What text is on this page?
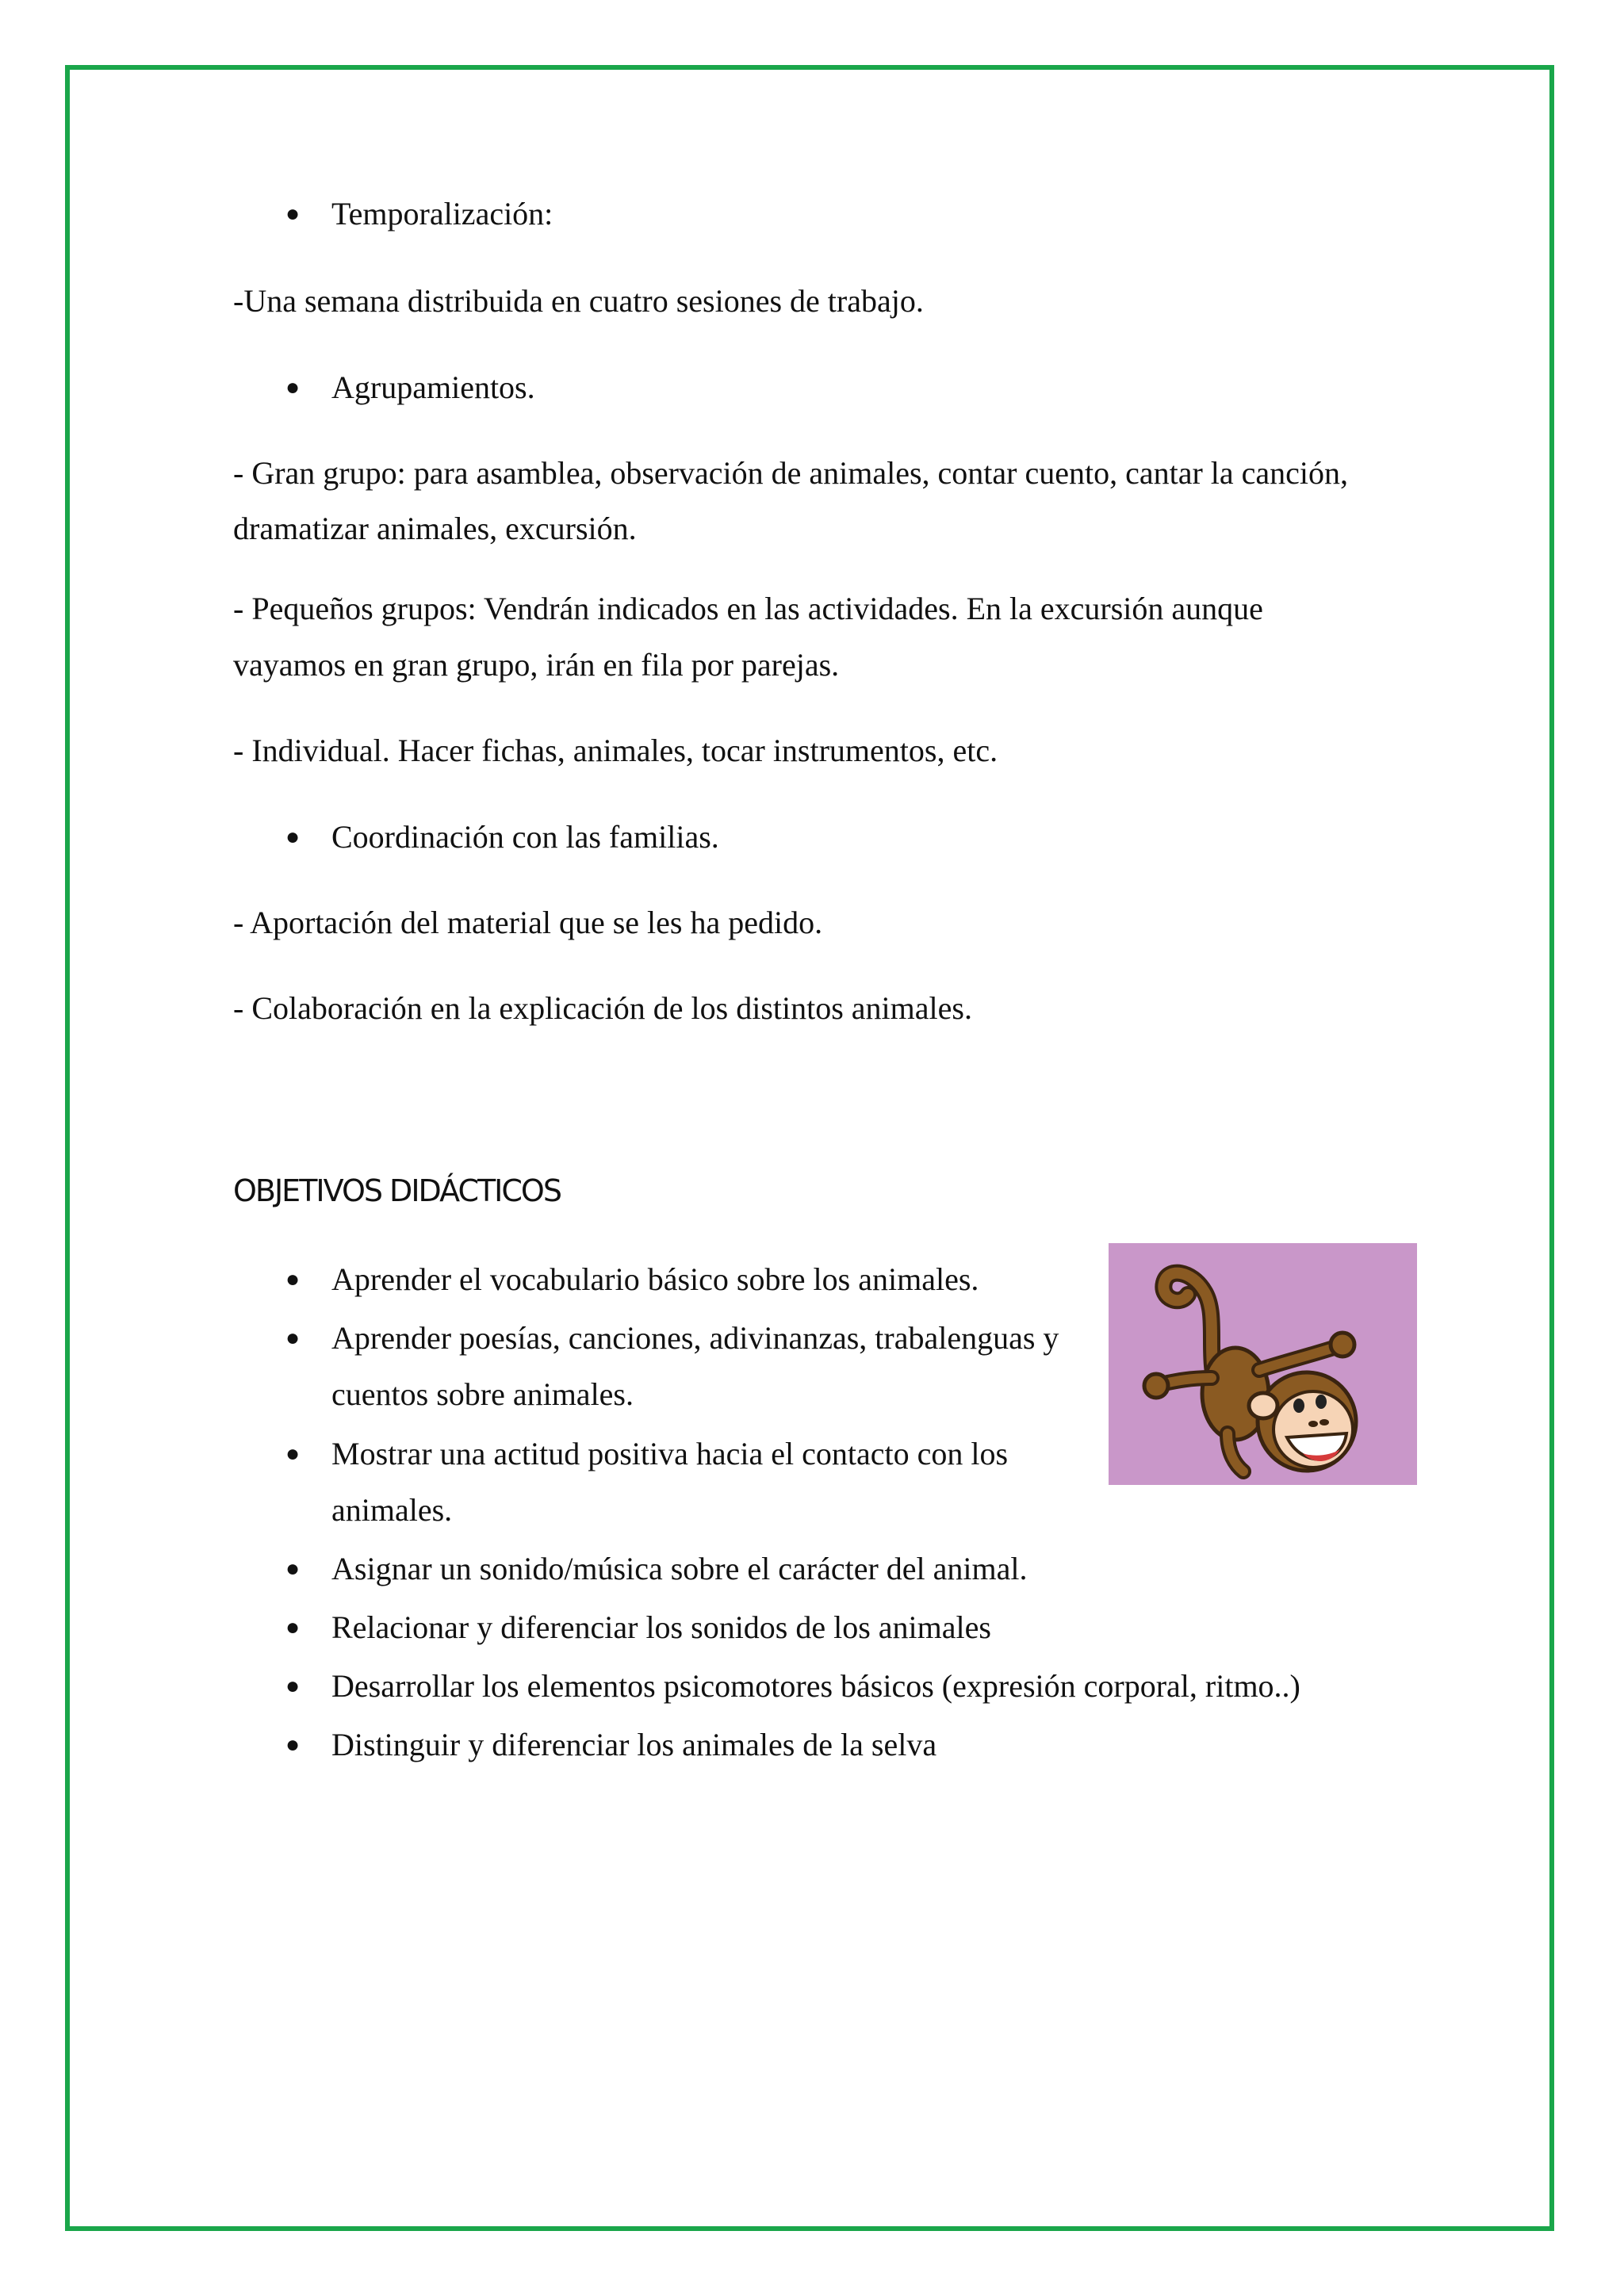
● Temporalización:
-Una semana distribuida en cuatro sesiones de trabajo.
● Agrupamientos.
- Gran grupo: para asamblea, observación de animales, contar cuento, cantar la canción,
dramatizar animales, excursión.
- Pequeños grupos: Vendrán indicados en las actividades. En la excursión aunque
vayamos en gran grupo, irán en fila por parejas.
- Individual. Hacer fichas, animales, tocar instrumentos, etc.
● Coordinación con las familias.
- Aportación del material que se les ha pedido.
- Colaboración en la explicación de los distintos animales.
OBJETIVOS DIDÁCTICOS
● Aprender el vocabulario básico sobre los animales.
● Aprender poesías, canciones, adivinanzas, trabalenguas y
cuentos sobre animales.
● Mostrar una actitud positiva hacia el contacto con los
animales.
● Asignar un sonido/música sobre el carácter del animal.
● Relacionar y diferenciar los sonidos de los animales
● Desarrollar los elementos psicomotores básicos (expresión corporal, ritmo..)
● Distinguir y diferenciar los animales de la selva
